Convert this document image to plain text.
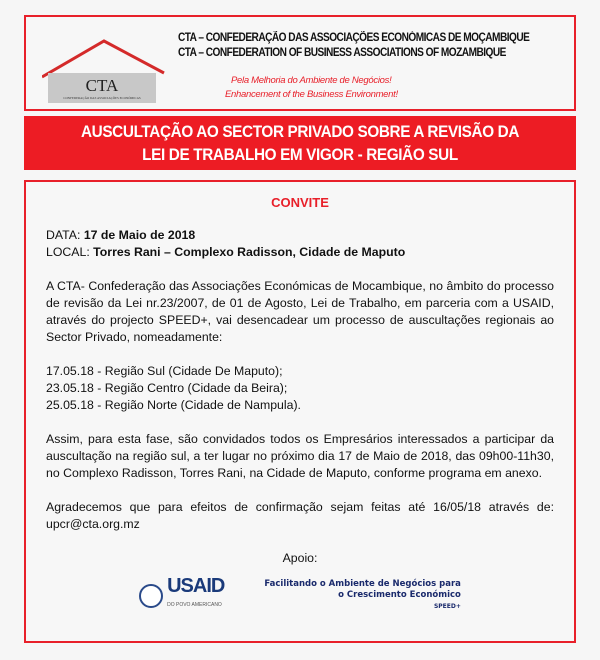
CTA
CONFEDERAÇÃO DAS ASSOCIAÇÕES ECONÓMICAS
CTA – CONFEDERAÇÃO DAS ASSOCIAÇÕES ECONÓMICAS DE MOÇAMBIQUE
CTA – CONFEDERATION OF BUSINESS ASSOCIATIONS OF MOZAMBIQUE
Pela Melhoria do Ambiente de Negócios!
Enhancement of the Business Environment!
AUSCULTAÇÃO AO SECTOR PRIVADO SOBRE A REVISÃO DA
LEI DE TRABALHO EM VIGOR - REGIÃO SUL
CONVITE

DATA: 17 de Maio de 2018
LOCAL: Torres Rani – Complexo Radisson, Cidade de Maputo

A CTA- Confederação das Associações Económicas de Mocambique, no âmbito do processo de revisão da Lei nr.23/2007, de 01 de Agosto, Lei de Trabalho, em parceria com a USAID, através do projecto SPEED+, vai desencadear um processo de auscultações regionais ao Sector Privado, nomeadamente:

17.05.18 - Região Sul (Cidade De Maputo);
23.05.18 - Região Centro (Cidade da Beira);
25.05.18 - Região Norte (Cidade de Nampula).

Assim, para esta fase, são convidados todos os Empresários interessados a participar da auscultação na região sul, a ter lugar no próximo dia 17 de Maio de 2018, das 09h00-11h30, no Complexo Radisson, Torres Rani, na Cidade de Maputo, conforme programa em anexo.

Agradecemos que para efeitos de confirmação sejam feitas até 16/05/18 através de: upcr@cta.org.mz

Apoio:
USAID
DO POVO AMERICANO
Facilitando o Ambiente de Negócios para
o Crescimento Económico
SPEED+
